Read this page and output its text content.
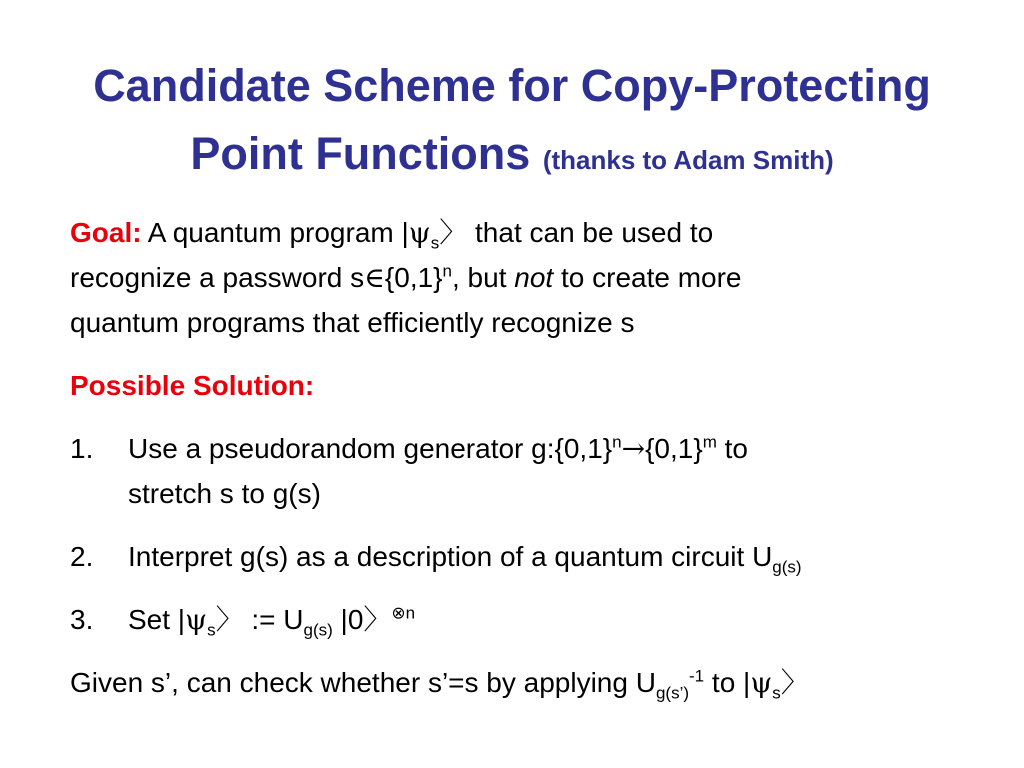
Candidate Scheme for Copy-Protecting
Point Functions (thanks to Adam Smith)

Goal: A quantum program $|\psi_s$〉 that can be used to
recognize a password $s\in\{0,1\}^n$, but not to create more
quantum programs that efficiently recognize s

Possible Solution:

1.	Use a pseudorandom generator $g:\{0,1\}^n\to\{0,1\}^m$ to
stretch s to g(s)
2.	Interpret g(s) as a description of a quantum circuit $U_{g(s)}$
3.	Set $|\psi_s$〉 := $U_{g(s)}$ |0〉$^{\otimes n}$

Given s’, can check whether s’=s by applying $U_{g(s’)}^{-1}$ to $|\psi_s$〉
